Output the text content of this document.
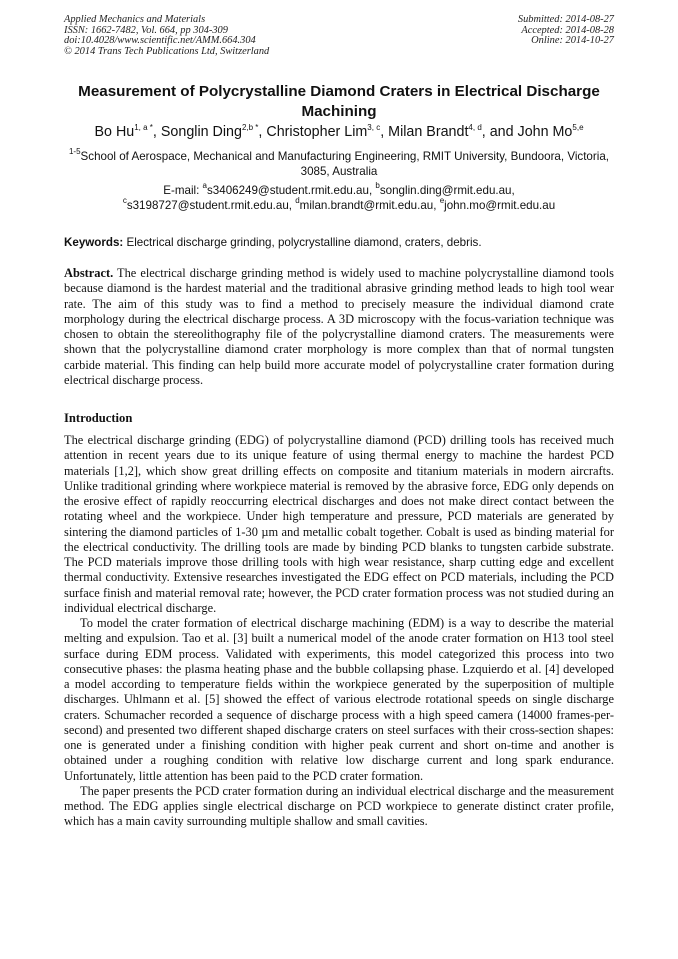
Applied Mechanics and Materials
ISSN: 1662-7482, Vol. 664, pp 304-309
doi:10.4028/www.scientific.net/AMM.664.304
© 2014 Trans Tech Publications Ltd, Switzerland
Submitted: 2014-08-27
Accepted: 2014-08-28
Online: 2014-10-27
Measurement of Polycrystalline Diamond Craters in Electrical Discharge Machining
Bo $Hu^{1, a *}$, Songlin Ding$^{2,b *}$, Christopher Lim$^{3, c}$, Milan Brandt$^{4, d}$, and John Mo$^{5,e}$
$^{1-5}$School of Aerospace, Mechanical and Manufacturing Engineering, RMIT University, Bundoora, Victoria, 3085, Australia
E-mail: $^a$s3406249@student.rmit.edu.au, $^b$songlin.ding@rmit.edu.au,
$^c$s3198727@student.rmit.edu.au, $^d$milan.brandt@rmit.edu.au, $^e$john.mo@rmit.edu.au
Keywords: Electrical discharge grinding, polycrystalline diamond, craters, debris.
Abstract. The electrical discharge grinding method is widely used to machine polycrystalline diamond tools because diamond is the hardest material and the traditional abrasive grinding method leads to high tool wear rate. The aim of this study was to find a method to precisely measure the individual diamond crate morphology during the electrical discharge process. A 3D microscopy with the focus-variation technique was chosen to obtain the stereolithography file of the polycrystalline diamond craters. The measurements were shown that the polycrystalline diamond crater morphology is more complex than that of normal tungsten carbide material. This finding can help build more accurate model of polycrystalline crater formation during electrical discharge process.
Introduction

The electrical discharge grinding (EDG) of polycrystalline diamond (PCD) drilling tools has received much attention in recent years due to its unique feature of using thermal energy to machine the hardest PCD materials [1,2], which show great drilling effects on composite and titanium materials in modern aircrafts. Unlike traditional grinding where workpiece material is removed by the abrasive force, EDG only depends on the erosive effect of rapidly reoccurring electrical discharges and does not make direct contact between the rotating wheel and the workpiece. Under high temperature and pressure, PCD materials are generated by sintering the diamond particles of 1-30 µm and metallic cobalt together. Cobalt is used as binding material for the electrical conductivity. The drilling tools are made by binding PCD blanks to tungsten carbide substrate. The PCD materials improve those drilling tools with high wear resistance, sharp cutting edge and excellent thermal conductivity. Extensive researches investigated the EDG effect on PCD materials, including the PCD surface finish and material removal rate; however, the PCD crater formation process was not studied during an individual electrical discharge.

To model the crater formation of electrical discharge machining (EDM) is a way to describe the material melting and expulsion. Tao et al. [3] built a numerical model of the anode crater formation on H13 tool steel surface during EDM process. Validated with experiments, this model categorized this process into two consecutive phases: the plasma heating phase and the bubble collapsing phase. Lzquierdo et al. [4] developed a model according to temperature fields within the workpiece generated by the superposition of multiple discharges. Uhlmann et al. [5] showed the effect of various electrode rotational speeds on single discharge craters. Schumacher recorded a sequence of discharge process with a high speed camera (14000 frames-per-second) and presented two different shaped discharge craters on steel surfaces with their cross-section shapes: one is generated under a finishing condition with higher peak current and short on-time and another is obtained under a roughing condition with relative low discharge current and long spark endurance. Unfortunately, little attention has been paid to the PCD crater formation.

The paper presents the PCD crater formation during an individual electrical discharge and the measurement method. The EDG applies single electrical discharge on PCD workpiece to generate distinct crater profile, which has a main cavity surrounding multiple shallow and small cavities.
